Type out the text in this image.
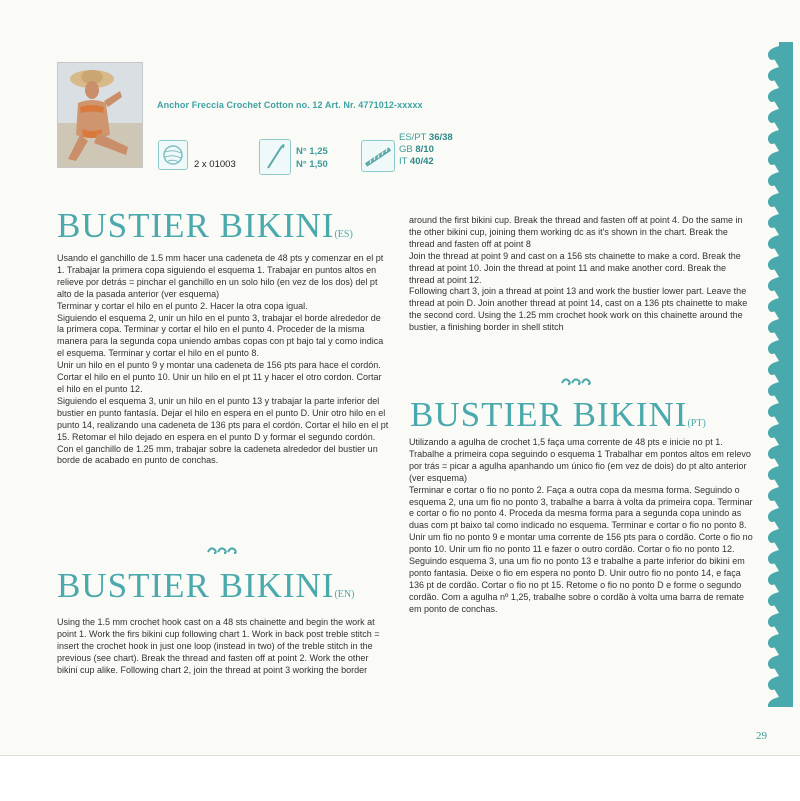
Anchor Freccia Crochet Cotton no. 12 Art. Nr. 4771012-xxxxx
2 x 01003
N° 1,25
N° 1,50
ES/PT 36/38
GB 8/10
IT 40/42
BUSTIER BIKINI(ES)

Usando el ganchillo de 1.5 mm hacer una cadeneta de 48 pts y comenzar en el pt 1. Trabajar la primera copa siguiendo el esquema 1. Trabajar en puntos altos en relieve por detrás = pinchar el ganchillo en un solo hilo (en vez de los dos) del pt alto de la pasada anterior (ver esquema)

Terminar y cortar el hilo en el punto 2. Hacer la otra copa igual.

Siguiendo el esquema 2, unir un hilo en el punto 3, trabajar el borde alrededor de la primera copa. Terminar y cortar el hilo en el punto 4. Proceder de la misma manera para la segunda copa uniendo ambas copas con pt bajo tal y como indica el esquema. Terminar y cortar el hilo en el punto 8.

Unir un hilo en el punto 9 y montar una cadeneta de 156 pts para hace el cordón. Cortar el hilo en el punto 10. Unir un hilo en el pt 11 y hacer el otro cordon. Cortar el hilo en el punto 12.

Siguiendo el esquema 3, unir un hilo en el punto 13 y trabajar la parte inferior del bustier en punto fantasía. Dejar el hilo en espera en el punto D. Unir otro hilo en el punto 14, realizando una cadeneta de 136 pts para el cordón. Cortar el hilo en el pt 15. Retomar el hilo dejado en espera en el punto D y formar el segundo cordón. Con el ganchillo de 1.25 mm, trabajar sobre la cadeneta alrededor del bustier un borde de acabado en punto de conchas.

BUSTIER BIKINI(EN)

Using the 1.5 mm crochet hook cast on a 48 sts chainette and begin the work at point 1. Work the firs bikini cup following chart 1. Work in back post treble stitch = insert the crochet hook in just one loop (instead in two) of the treble stitch in the previous (see chart). Break the thread and fasten off at point 2. Work the other bikini cup alike. Following chart 2, join the thread at point 3 working the border

around the first bikini cup. Break the thread and fasten off at point 4. Do the same in the other bikini cup, joining them working dc as it's shown in the chart. Break the thread and fasten off at point 8

Join the thread at point 9 and cast on a 156 sts chainette to make a cord. Break the thread at point 10. Join the thread at point 11 and make another cord. Break the thread at point 12.

Following chart 3, join a thread at point 13 and work the bustier lower part. Leave the thread at poin D. Join another thread at point 14, cast on a 136 pts chainette to make the second cord. Using the 1.25 mm crochet hook work on this chainette around the bustier, a finishing border in shell stitch

BUSTIER BIKINI(PT)

Utilizando a agulha de crochet 1,5 faça uma corrente de 48 pts e inicie no pt 1. Trabalhe a primeira copa seguindo o esquema 1 Trabalhar em pontos altos em relevo por trás = picar a agulha apanhando um único fio (em vez de dois) do pt alto anterior (ver esquema)

Terminar e cortar o fio no ponto 2. Faça a outra copa da mesma forma. Seguindo o esquema 2, una um fio no ponto 3, trabalhe a barra à volta da primeira copa. Terminar e cortar o fio no ponto 4. Proceda da mesma forma para a segunda copa unindo as duas com pt baixo tal como indicado no esquema. Terminar e cortar o fio no ponto 8.

Unir um fio no ponto 9 e montar uma corrente de 156 pts para o cordão. Corte o fio no ponto 10. Unir um fio no ponto 11 e fazer o outro cordão. Cortar o fio no ponto 12.

Seguindo esquema 3, una um fio no ponto 13 e trabalhe a parte inferior do bikini em ponto fantasia. Deixe o fio em espera no ponto D. Unir outro fio no ponto 14, e faça 136 pt de cordão. Cortar o fio no pt 15. Retome o fio no ponto D e forme o segundo cordão. Com a agulha nº 1,25, trabalhe sobre o cordão à volta uma barra de remate em ponto de conchas.

29
